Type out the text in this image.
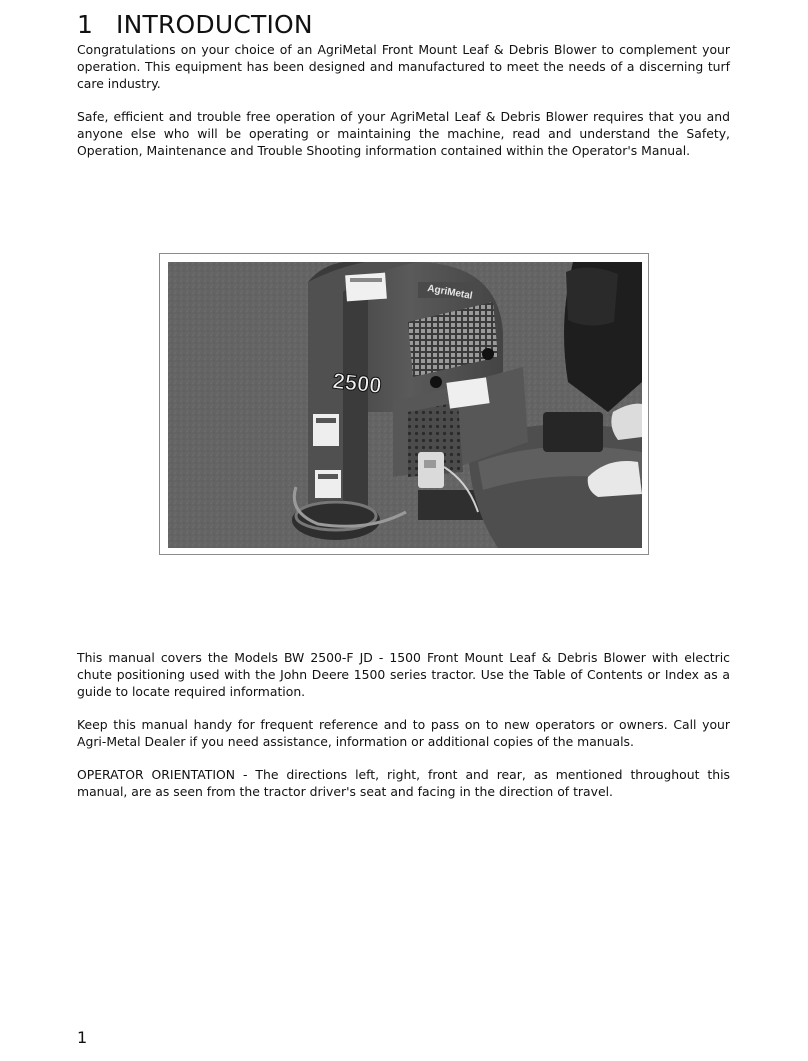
1 INTRODUCTION

Congratulations on your choice of an AgriMetal Front Mount Leaf & Debris Blower to complement your operation. This equipment has been designed and manufactured to meet the needs of a discerning turf care industry.

Safe, efficient and trouble free operation of your AgriMetal Leaf & Debris Blower requires that you and anyone else who will be operating or maintaining the machine, read and understand the Safety, Operation, Maintenance and Trouble Shooting information contained within the Operator's Manual.

AgriMetal
2500

This manual covers the Models BW 2500-F JD - 1500 Front Mount Leaf & Debris Blower with electric chute positioning used with the John Deere 1500 series tractor. Use the Table of Contents or Index as a guide to locate required information.

Keep this manual handy for frequent reference and to pass on to new operators or owners. Call your Agri-Metal Dealer if you need assistance, information or additional copies of the manuals.

OPERATOR ORIENTATION - The directions left, right, front and rear, as mentioned throughout this manual, are as seen from the tractor driver's seat and facing in the direction of travel.

1
